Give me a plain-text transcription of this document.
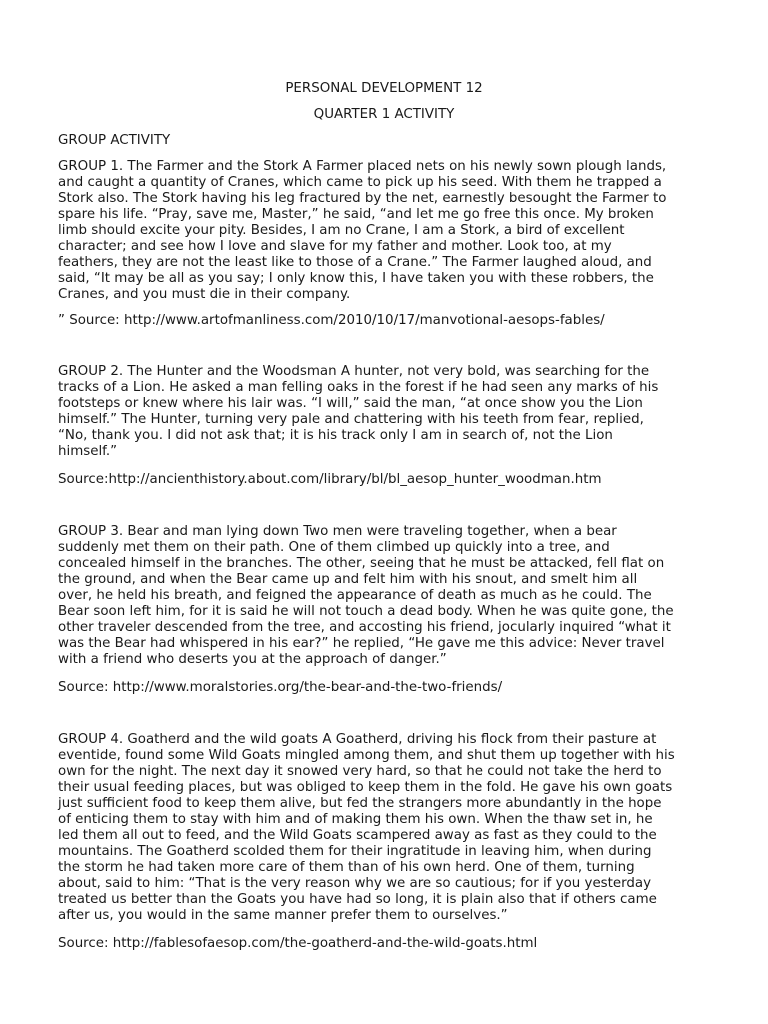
PERSONAL DEVELOPMENT 12

QUARTER 1 ACTIVITY

GROUP ACTIVITY

GROUP 1. The Farmer and the Stork A Farmer placed nets on his newly sown plough lands,

and caught a quantity of Cranes, which came to pick up his seed. With them he trapped a

Stork also. The Stork having his leg fractured by the net, earnestly besought the Farmer to

spare his life. “Pray, save me, Master,” he said, “and let me go free this once. My broken

limb should excite your pity. Besides, I am no Crane, I am a Stork, a bird of excellent

character; and see how I love and slave for my father and mother. Look too, at my

feathers, they are not the least like to those of a Crane.” The Farmer laughed aloud, and

said, “It may be all as you say; I only know this, I have taken you with these robbers, the

Cranes, and you must die in their company.

” Source: http://www.artofmanliness.com/2010/10/17/manvotional-aesops-fables/

GROUP 2. The Hunter and the Woodsman A hunter, not very bold, was searching for the

tracks of a Lion. He asked a man felling oaks in the forest if he had seen any marks of his

footsteps or knew where his lair was. “I will,” said the man, “at once show you the Lion

himself.” The Hunter, turning very pale and chattering with his teeth from fear, replied,

“No, thank you. I did not ask that; it is his track only I am in search of, not the Lion

himself.”

Source:http://ancienthistory.about.com/library/bl/bl_aesop_hunter_woodman.htm

GROUP 3. Bear and man lying down Two men were traveling together, when a bear

suddenly met them on their path. One of them climbed up quickly into a tree, and

concealed himself in the branches. The other, seeing that he must be attacked, fell flat on

the ground, and when the Bear came up and felt him with his snout, and smelt him all

over, he held his breath, and feigned the appearance of death as much as he could. The

Bear soon left him, for it is said he will not touch a dead body. When he was quite gone, the

other traveler descended from the tree, and accosting his friend, jocularly inquired “what it

was the Bear had whispered in his ear?” he replied, “He gave me this advice: Never travel

with a friend who deserts you at the approach of danger.”

Source: http://www.moralstories.org/the-bear-and-the-two-friends/

GROUP 4. Goatherd and the wild goats A Goatherd, driving his flock from their pasture at

eventide, found some Wild Goats mingled among them, and shut them up together with his

own for the night. The next day it snowed very hard, so that he could not take the herd to

their usual feeding places, but was obliged to keep them in the fold. He gave his own goats

just sufficient food to keep them alive, but fed the strangers more abundantly in the hope

of enticing them to stay with him and of making them his own. When the thaw set in, he

led them all out to feed, and the Wild Goats scampered away as fast as they could to the

mountains. The Goatherd scolded them for their ingratitude in leaving him, when during

the storm he had taken more care of them than of his own herd. One of them, turning

about, said to him: “That is the very reason why we are so cautious; for if you yesterday

treated us better than the Goats you have had so long, it is plain also that if others came

after us, you would in the same manner prefer them to ourselves.”

Source: http://fablesofaesop.com/the-goatherd-and-the-wild-goats.html
